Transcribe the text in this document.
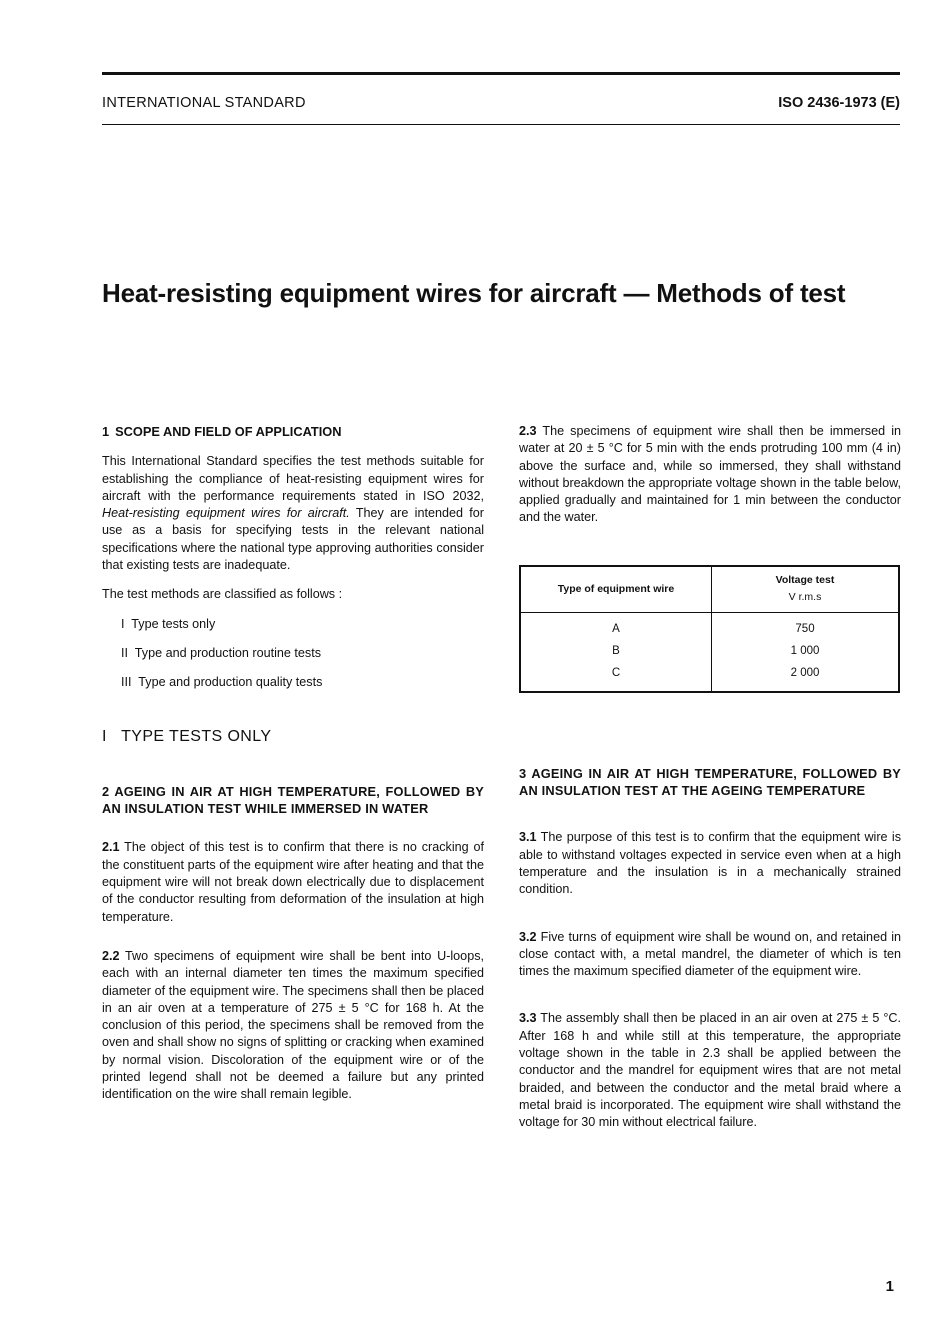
INTERNATIONAL STANDARD	ISO 2436-1973 (E)
Heat-resisting equipment wires for aircraft — Methods of test

1 SCOPE AND FIELD OF APPLICATION

This International Standard specifies the test methods suitable for establishing the compliance of heat-resisting equipment wires for aircraft with the performance requirements stated in ISO 2032, Heat-resisting equipment wires for aircraft. They are intended for use as a basis for specifying tests in the relevant national specifications where the national type approving authorities consider that existing tests are inadequate.

The test methods are classified as follows :

I Type tests only

II Type and production routine tests

III Type and production quality tests

I TYPE TESTS ONLY

2 AGEING IN AIR AT HIGH TEMPERATURE, FOLLOWED BY AN INSULATION TEST WHILE IMMERSED IN WATER

2.1 The object of this test is to confirm that there is no cracking of the constituent parts of the equipment wire after heating and that the equipment wire will not break down electrically due to displacement of the conductor resulting from deformation of the insulation at high temperature.

2.2 Two specimens of equipment wire shall be bent into U-loops, each with an internal diameter ten times the maximum specified diameter of the equipment wire. The specimens shall then be placed in an air oven at a temperature of 275 ± 5 °C for 168 h. At the conclusion of this period, the specimens shall be removed from the oven and shall show no signs of splitting or cracking when examined by normal vision. Discoloration of the equipment wire or of the printed legend shall not be deemed a failure but any printed identification on the wire shall remain legible.

2.3 The specimens of equipment wire shall then be immersed in water at 20 ± 5 °C for 5 min with the ends protruding 100 mm (4 in) above the surface and, while so immersed, they shall withstand without breakdown the appropriate voltage shown in the table below, applied gradually and maintained for 1 min between the conductor and the water.

Type of equipment wire	Voltage test
V r.m.s

A	750
B	1 000
C	2 000

3 AGEING IN AIR AT HIGH TEMPERATURE, FOLLOWED BY AN INSULATION TEST AT THE AGEING TEMPERATURE

3.1 The purpose of this test is to confirm that the equipment wire is able to withstand voltages expected in service even when at a high temperature and the insulation is in a mechanically strained condition.

3.2 Five turns of equipment wire shall be wound on, and retained in close contact with, a metal mandrel, the diameter of which is ten times the maximum specified diameter of the equipment wire.

3.3 The assembly shall then be placed in an air oven at 275 ± 5 °C. After 168 h and while still at this temperature, the appropriate voltage shown in the table in 2.3 shall be applied between the conductor and the mandrel for equipment wires that are not metal braided, and between the conductor and the metal braid where a metal braid is incorporated. The equipment wire shall withstand the voltage for 30 min without electrical failure.

1
